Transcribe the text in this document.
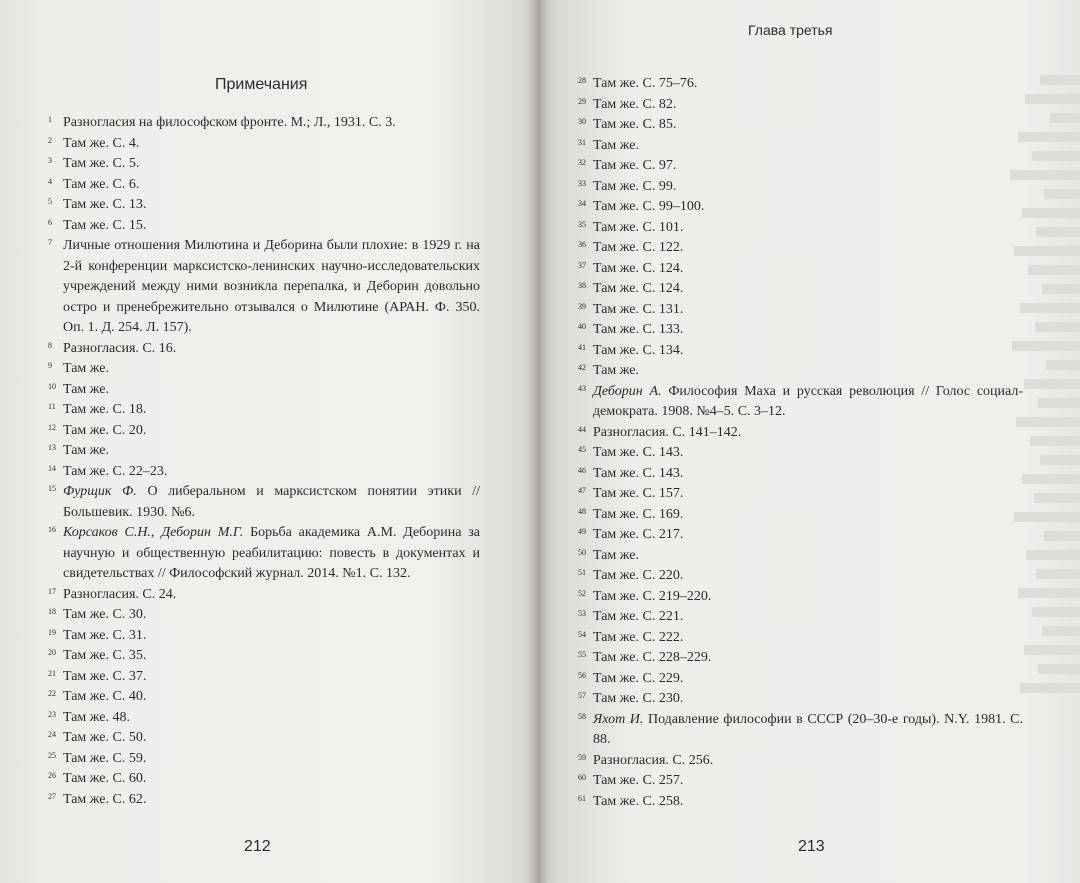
Примечания
1 Разногласия на философском фронте. М.; Л., 1931. С. 3.
2 Там же. С. 4.
3 Там же. С. 5.
4 Там же. С. 6.
5 Там же. С. 13.
6 Там же. С. 15.
7 Личные отношения Милютина и Деборина были плохие: в 1929 г. на 2-й конференции марксистско-ленинских научно-исследовательских учреждений между ними возникла перепалка, и Деборин довольно остро и пренебрежительно отзывался о Милютине (АРАН. Ф. 350. Оп. 1. Д. 254. Л. 157).
8 Разногласия. С. 16.
9 Там же.
10 Там же.
11 Там же. С. 18.
12 Там же. С. 20.
13 Там же.
14 Там же. С. 22–23.
15 Фурщик Ф. О либеральном и марксистском понятии этики // Большевик. 1930. №6.
16 Корсаков С.Н., Деборин М.Г. Борьба академика А.М. Деборина за научную и общественную реабилитацию: повесть в документах и свидетельствах // Философский журнал. 2014. №1. С. 132.
17 Разногласия. С. 24.
18 Там же. С. 30.
19 Там же. С. 31.
20 Там же. С. 35.
21 Там же. С. 37.
22 Там же. С. 40.
23 Там же. 48.
24 Там же. С. 50.
25 Там же. С. 59.
26 Там же. С. 60.
27 Там же. С. 62.
212
Глава третья
28 Там же. С. 75–76.
29 Там же. С. 82.
30 Там же. С. 85.
31 Там же.
32 Там же. С. 97.
33 Там же. С. 99.
34 Там же. С. 99–100.
35 Там же. С. 101.
36 Там же. С. 122.
37 Там же. С. 124.
38 Там же. С. 124.
39 Там же. С. 131.
40 Там же. С. 133.
41 Там же. С. 134.
42 Там же.
43 Деборин А. Философия Маха и русская революция // Голос социал-демократа. 1908. №4–5. С. 3–12.
44 Разногласия. С. 141–142.
45 Там же. С. 143.
46 Там же. С. 143.
47 Там же. С. 157.
48 Там же. С. 169.
49 Там же. С. 217.
50 Там же.
51 Там же. С. 220.
52 Там же. С. 219–220.
53 Там же. С. 221.
54 Там же. С. 222.
55 Там же. С. 228–229.
56 Там же. С. 229.
57 Там же. С. 230.
58 Яхот И. Подавление философии в СССР (20–30-е годы). N.Y. 1981. С. 88.
59 Разногласия. С. 256.
60 Там же. С. 257.
61 Там же. С. 258.
213
